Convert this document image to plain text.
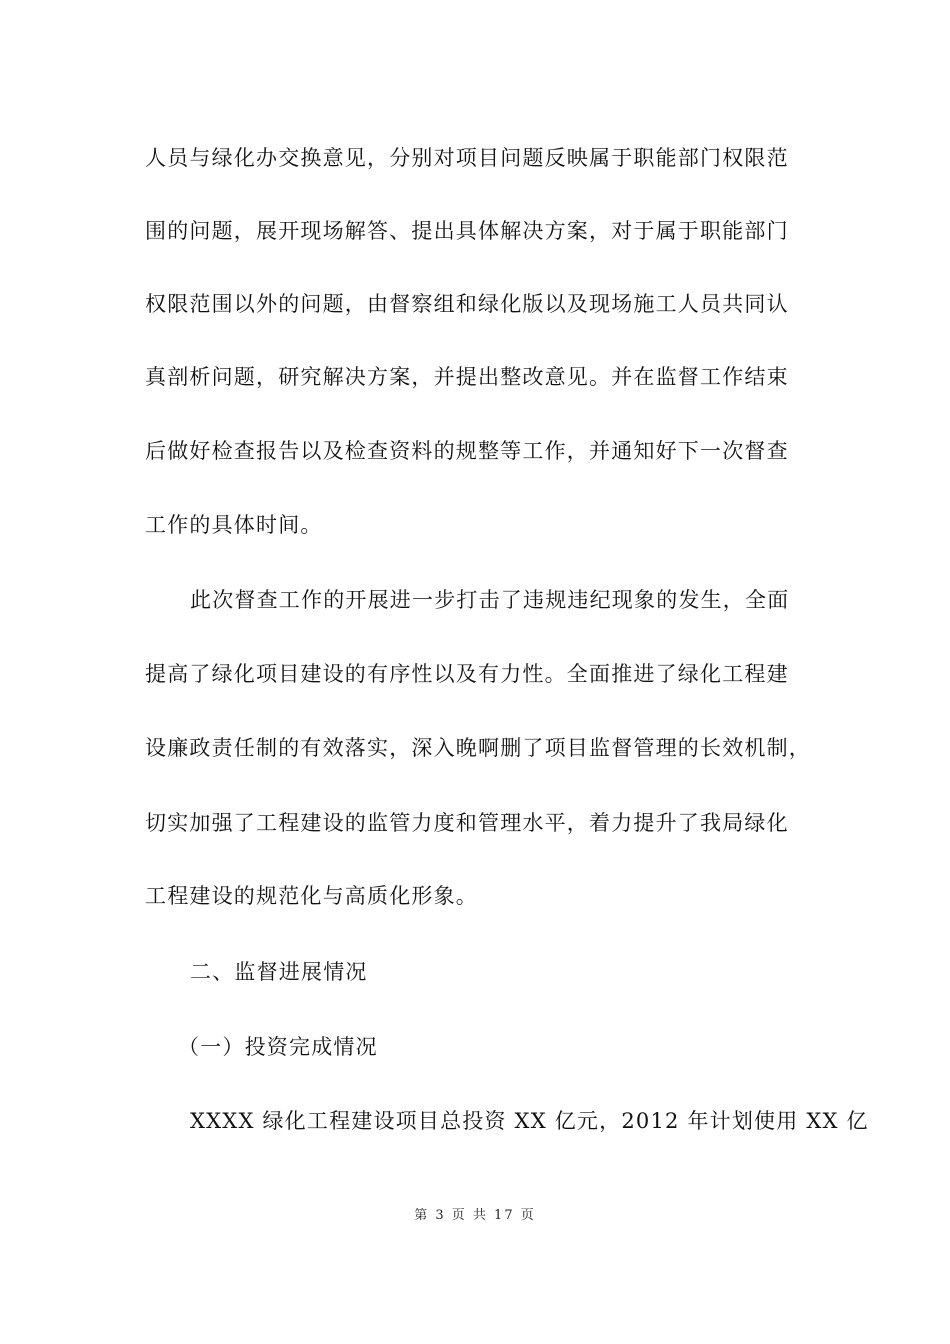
人员与绿化办交换意见，分别对项目问题反映属于职能部门权限范
围的问题，展开现场解答、提出具体解决方案，对于属于职能部门
权限范围以外的问题，由督察组和绿化版以及现场施工人员共同认
真剖析问题，研究解决方案，并提出整改意见。并在监督工作结束
后做好检查报告以及检查资料的规整等工作，并通知好下一次督查
工作的具体时间。
此次督查工作的开展进一步打击了违规违纪现象的发生，全面
提高了绿化项目建设的有序性以及有力性。全面推进了绿化工程建
设廉政责任制的有效落实，深入晚啊删了项目监督管理的长效机制，
切实加强了工程建设的监管力度和管理水平，着力提升了我局绿化
工程建设的规范化与高质化形象。
二、监督进展情况
（一）投资完成情况
XXXX 绿化工程建设项目总投资 XX 亿元，2012 年计划使用 XX 亿
第 3 页 共 17 页
